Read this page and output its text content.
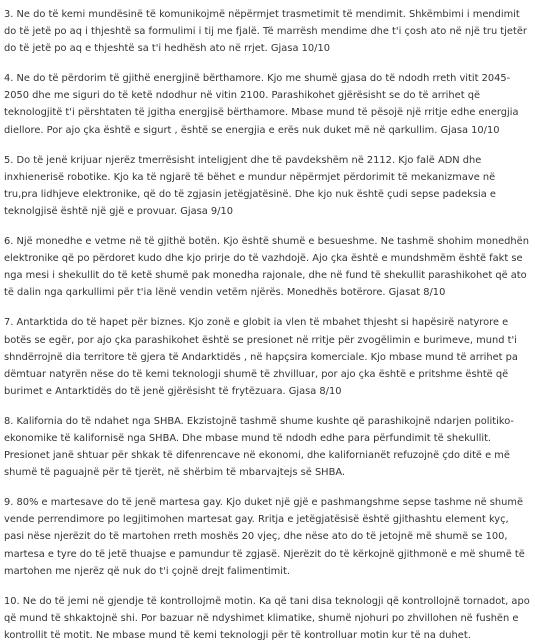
3. Ne do të kemi mundësinë të komunikojmë nëpërmjet trasmetimit të mendimit. Shkëmbimi i mendimit do të jetë po aq i thjeshtë sa formulimi i tij me fjalë. Të marrësh mendime dhe t'i çosh ato në një tru tjetër do të jetë po aq e thjeshtë sa t'i hedhësh ato në rrjet. Gjasa 10/10

4. Ne do të përdorim të gjithë energjinë bërthamore. Kjo me shumë gjasa do të ndodh rreth vitit 2045-2050 dhe me siguri do të ketë ndodhur në vitin 2100. Parashikohet gjërësisht se do të arrihet që teknologjitë t'i përshtaten të jgitha energjisë bërthamore. Mbase mund të pësojë një rritje edhe energjia diellore. Por ajo çka është e sigurt , është se energjia e erës nuk duket më në qarkullim. Gjasa 10/10

5. Do të jenë krijuar njerëz tmerrësisht inteligjent dhe të pavdekshëm në 2112. Kjo falë ADN dhe inxhienerisë robotike. Kjo ka të ngjarë të bëhet e mundur nëpërmjet përdorimit të mekanizmave në tru,pra lidhjeve elektronike, që do të zgjasin jetëgjatësinë. Dhe kjo nuk është çudi sepse padeksia e teknolgjisë është një gjë e provuar. Gjasa 9/10

6. Një monedhe e vetme në të gjithë botën. Kjo është shumë e besueshme. Ne tashmë shohim monedhën elektronike që po përdoret kudo dhe kjo prirje do të vazhdojë. Ajo çka është e mundshmëm është fakt se nga mesi i shekullit do të ketë shumë pak monedha rajonale, dhe në fund të shekullit parashikohet që ato të dalin nga qarkullimi për t'ia lënë vendin vetëm njërës. Monedhës botërore. Gjasat 8/10

7. Antarktida do të hapet për biznes. Kjo zonë e globit ia vlen të mbahet thjesht si hapësirë natyrore e botës se egër, por ajo çka parashikohet është se presionet në rritje për zvogëlimin e burimeve, mund t'i shndërrojnë dia territore të gjera të Andarktidës , në hapçsira komerciale. Kjo mbase mund të arrihet pa dëmtuar natyrën nëse do të kemi teknologji shumë të zhvilluar, por ajo çka është e pritshme është që burimet e Antarktidës do të jenë gjërësisht të frytëzuara. Gjasa 8/10

8. Kalifornia do të ndahet nga SHBA. Ekzistojnë tashmë shume kushte që parashikojnë ndarjen politiko-ekonomike të kalifornisë nga SHBA. Dhe mbase mund të ndodh edhe para përfundimit të shekullit. Presionet janë shtuar për shkak të difenrencave në ekonomi, dhe kalifornianët refuzojnë çdo ditë e më shumë të paguajnë për të tjerët, në shërbim të mbarvajtejs së SHBA.

9. 80% e martesave do të jenë martesa gay. Kjo duket një gjë e pashmangshme sepse tashme në shumë vende perrendimore po legjitimohen martesat gay. Rritja e jetëgjatësisë është gjithashtu element kyç, pasi nëse njerëzit do të martohen rreth moshës 20 vjeç, dhe nëse ato do të jetojnë më shumë se 100, martesa e tyre do të jetë thuajse e pamundur të zgjasë. Njerëzit do të kërkojnë gjithmonë e më shumë të martohen me njerëz që nuk do t'i çojnë drejt falimentimit.

10. Ne do të jemi në gjendje të kontrollojmë motin. Ka që tani disa teknologji që kontrollojnë tornadot, apo që mund të shkaktojnë shi. Por bazuar në ndyshimet klimatike, shumë njohuri po zhvillohen në fushën e kontrollit të motit. Ne mbase mund të kemi teknologji për të kontrolluar motin kur të na duhet.
